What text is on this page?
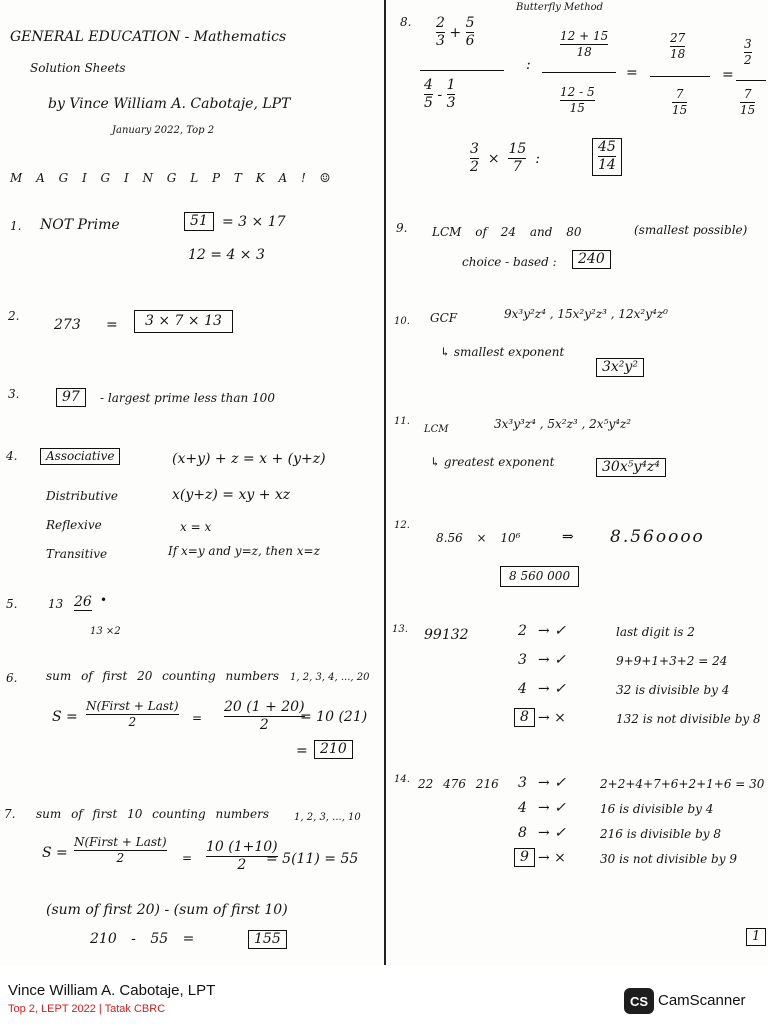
GENERAL EDUCATION - Mathematics
Solution Sheets
by Vince William A. Cabotaje, LPT
January 2022, Top 2
M A G I G I N G L P T K A ! ☺
1. NOT Prime	51	= 3 × 17
12 = 4 × 3
2.
273 =	3 × 7 × 13
3.	97	- largest prime less than 100
4.	Associative	(x+y) + z = x + (y+z)
Distributive	x(y+z) = xy + xz
Reflexive	x = x
Transitive	If x=y and y=z, then x=z
5.	13 26 •
13 ×2
6. sum of first 20 counting numbers 1, 2, 3, 4, ..., 20
$S = \frac{\text{N(First + Last)}}{2} = \frac{20 (1 + 20)}{2}$
= 10 (21)
= 210
7. sum of first 10 counting numbers	1, 2, 3, ..., 10
$S = \frac{\text{N(First + Last)}}{2} = \frac{10 (1+10)}{2}$
= 5(11) = 55
(sum of first 20) - (sum of first 10)
210 - 55 =	155
8.
Butterfly Method
$\frac{2}{3} + \frac{5}{6}$
$\frac{4}{5} - \frac{1}{3}$
:
$\frac{12 + 15}{18}$
$\frac{12 - 5}{15}$
=
$\frac{27}{18}$
$\frac{7}{15}$
=
$\frac{3}{2}$
$\frac{7}{15}$
$\frac{3}{2} \times \frac{15}{7}$ :	$\frac{45}{14}$
9. LCM of 24 and 80	(smallest possible)
choice - based :	240
10. GCF	9x³y²z⁴ , 15x²y²z³ , 12x²y⁴z⁰
↳ smallest exponent
3x²y²
11.
LCM	3x³y³z⁴ , 5x²z³ , 2x⁵y⁴z²
↳ greatest exponent	30x⁵y⁴z⁴
12.
8.56 × 10⁶	⇒ 8.56oooo
8 560 000
13. 99132
14. 22 476 216
1
2 → ✓	last digit is 2
3 → ✓	9+9+1+3+2 = 24
4 → ✓	32 is divisible by 4
8 → ×	132 is not divisible by 8
3 → ✓	2+2+4+7+6+2+1+6 = 30
4 → ✓	16 is divisible by 4
8 → ✓	216 is divisible by 8
9 → ×	30 is not divisible by 9
Vince William A. Cabotaje, LPT
Top 2, LEPT 2022 | Tatak CBRC
CS CamScanner
